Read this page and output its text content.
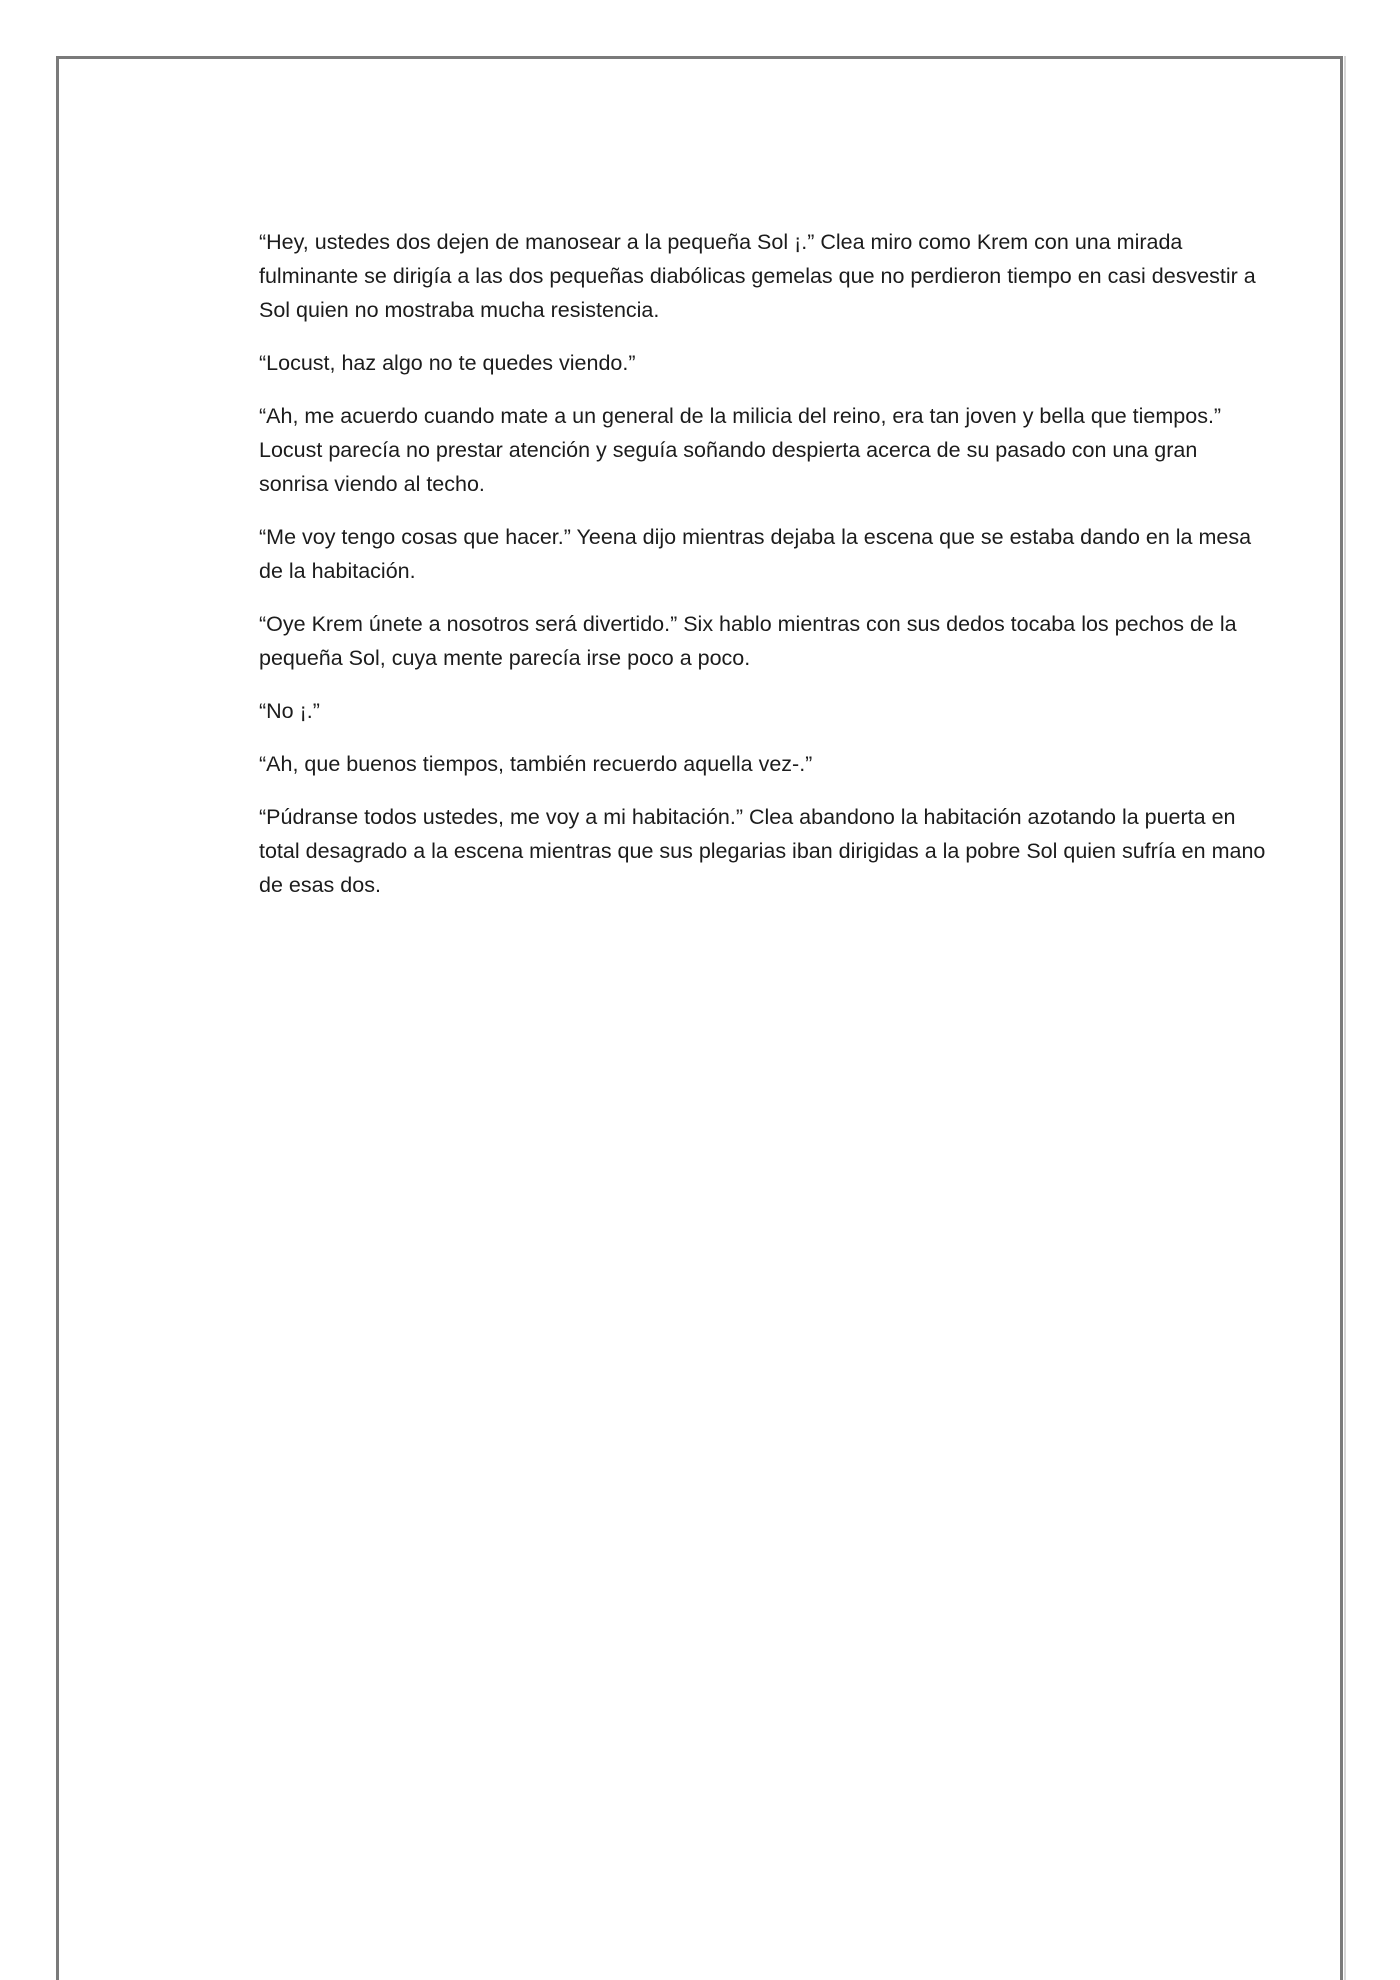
“Hey, ustedes dos dejen de manosear a la pequeña Sol ¡.” Clea miro como Krem con una mirada fulminante se dirigía a las dos pequeñas diabólicas gemelas que no perdieron tiempo en casi desvestir a Sol quien no mostraba mucha resistencia.

“Locust, haz algo no te quedes viendo.”

“Ah, me acuerdo cuando mate a un general de la milicia del reino, era tan joven y bella que tiempos.” Locust parecía no prestar atención y seguía soñando despierta acerca de su pasado con una gran sonrisa viendo al techo.

“Me voy tengo cosas que hacer.” Yeena dijo mientras dejaba la escena que se estaba dando en la mesa de la habitación.

“Oye Krem únete a nosotros será divertido.” Six hablo mientras con sus dedos tocaba los pechos de la pequeña Sol, cuya mente parecía irse poco a poco.

“No ¡.”

“Ah, que buenos tiempos, también recuerdo aquella vez-.”

“Púdranse todos ustedes, me voy a mi habitación.” Clea abandono la habitación azotando la puerta en total desagrado a la escena mientras que sus plegarias iban dirigidas a la pobre Sol quien sufría en mano de esas dos.
